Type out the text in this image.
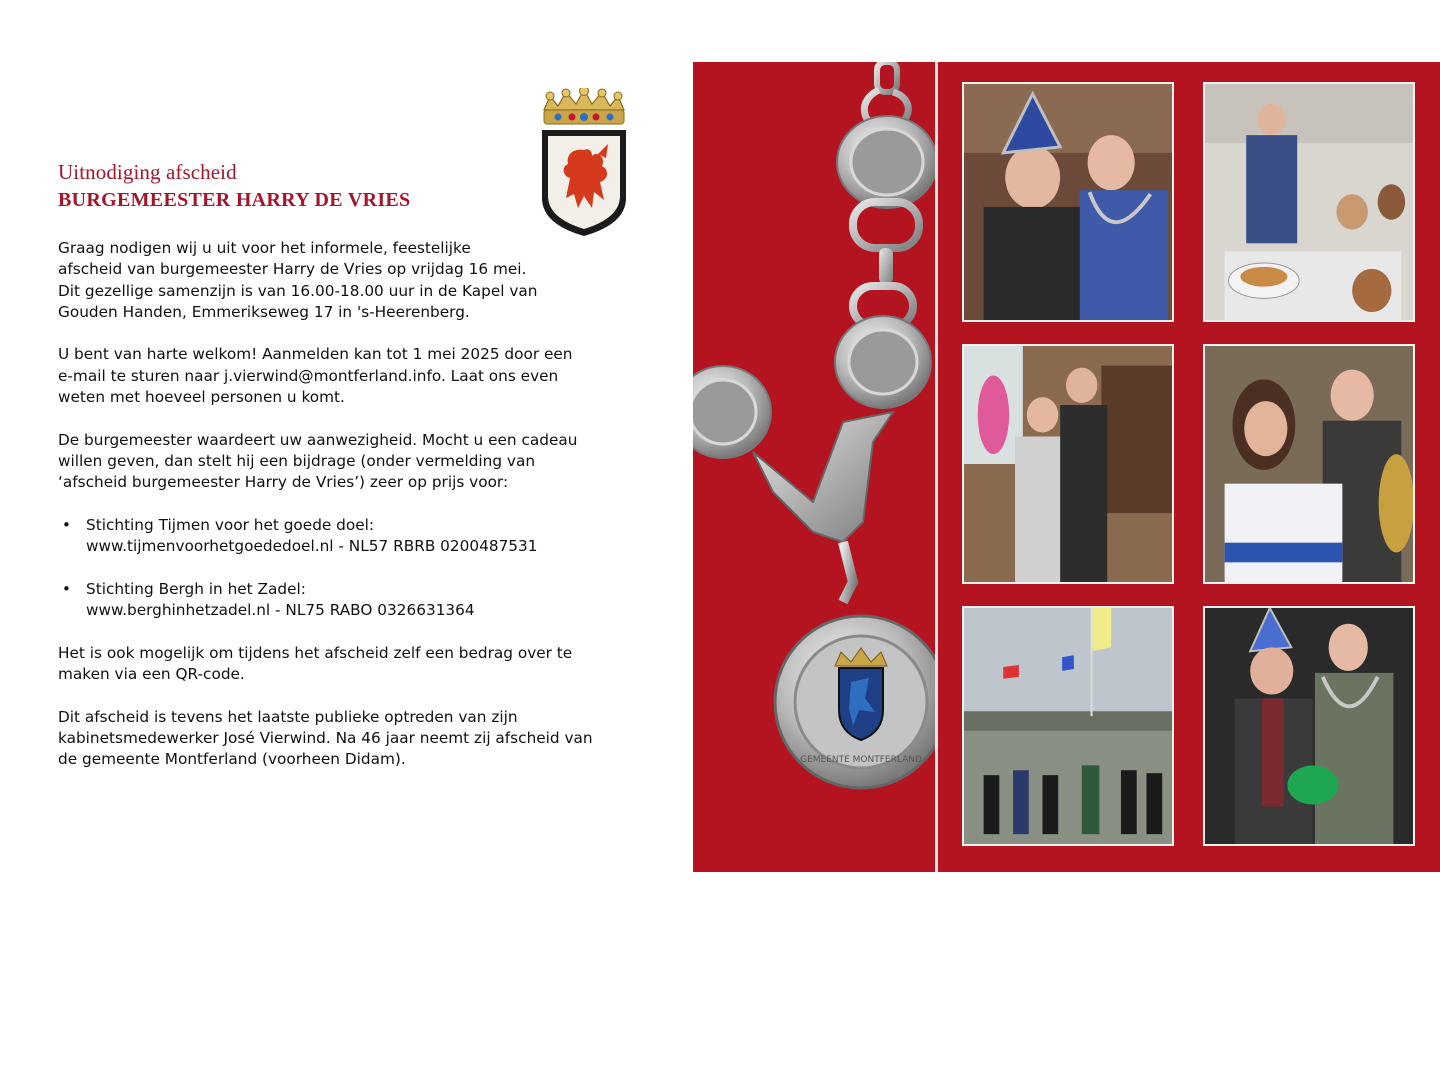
Uitnodiging afscheid
BURGEMEESTER HARRY DE VRIES

Graag nodigen wij u uit voor het informele, feestelijke
afscheid van burgemeester Harry de Vries op vrijdag 16 mei.
Dit gezellige samenzijn is van 16.00-18.00 uur in de Kapel van
Gouden Handen, Emmerikseweg 17 in 's-Heerenberg.

U bent van harte welkom! Aanmelden kan tot 1 mei 2025 door een
e-mail te sturen naar j.vierwind@montferland.info. Laat ons even
weten met hoeveel personen u komt.

De burgemeester waardeert uw aanwezigheid. Mocht u een cadeau
willen geven, dan stelt hij een bijdrage (onder vermelding van
‘afscheid burgemeester Harry de Vries’) zeer op prijs voor:

• Stichting Tijmen voor het goede doel:
www.tijmenvoorhetgoededoel.nl - NL57 RBRB 0200487531
• Stichting Bergh in het Zadel:
www.berghinhetzadel.nl - NL75 RABO 0326631364

Het is ook mogelijk om tijdens het afscheid zelf een bedrag over te
maken via een QR-code.

Dit afscheid is tevens het laatste publieke optreden van zijn
kabinetsmedewerker José Vierwind. Na 46 jaar neemt zij afscheid van
de gemeente Montferland (voorheen Didam).	GEMEENTE MONTFERLAND
